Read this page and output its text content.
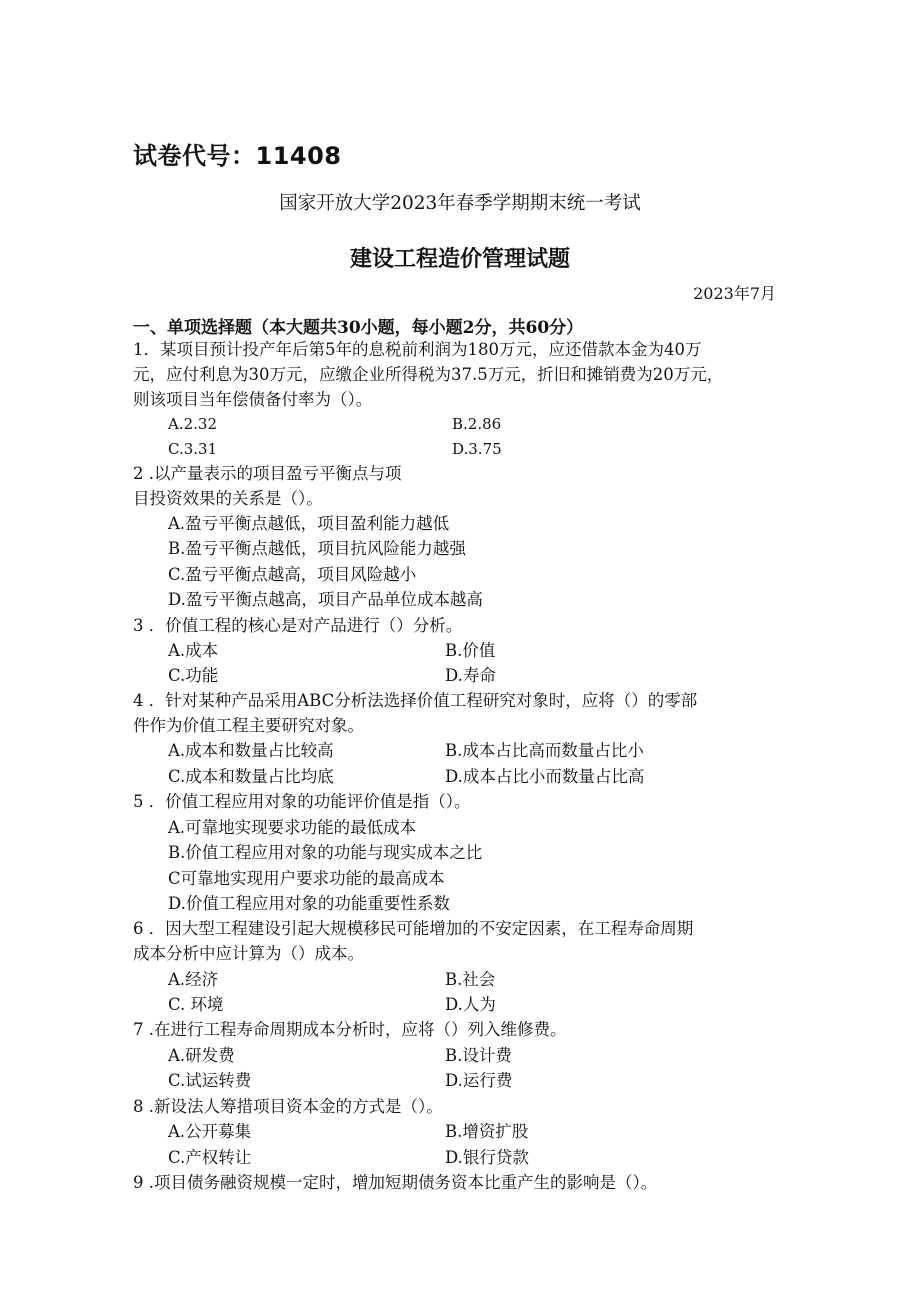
试卷代号：11408
国家开放大学2023年春季学期期末统一考试
建设工程造价管理试题
2023年7月
一、单项选择题（本大题共30小题，每小题2分，共60分）
1．某项目预计投产年后第5年的息税前利润为180万元，应还借款本金为40万
元，应付利息为30万元，应缴企业所得税为37.5万元，折旧和摊销费为20万元，
则该项目当年偿债备付率为（）。
A.2.32	B.2.86
C.3.31	D.3.75
2 .以产量表示的项目盈亏平衡点与项
目投资效果的关系是（）。
A.盈亏平衡点越低，项目盈利能力越低
B.盈亏平衡点越低，项目抗风险能力越强
C.盈亏平衡点越高，项目风险越小
D.盈亏平衡点越高，项目产品单位成本越高
3 ．价值工程的核心是对产品进行（）分析。
A.成本	B.价值
C.功能	D.寿命
4 ．针对某种产品采用ABC分析法选择价值工程研究对象时，应将（）的零部
件作为价值工程主要研究对象。
A.成本和数量占比较高	B.成本占比高而数量占比小
C.成本和数量占比均底	D.成本占比小而数量占比高
5 ．价值工程应用对象的功能评价值是指（）。
A.可靠地实现要求功能的最低成本
B.价值工程应用对象的功能与现实成本之比
C可靠地实现用户要求功能的最高成本
D.价值工程应用对象的功能重要性系数
6 ．因大型工程建设引起大规模移民可能增加的不安定因素，在工程寿命周期
成本分析中应计算为（）成本。
A.经济	B.社会
C. 环境	D.人为
7 .在进行工程寿命周期成本分析时，应将（）列入维修费。
A.研发费	B.设计费
C.试运转费	D.运行费
8 .新设法人筹措项目资本金的方式是（）。
A.公开募集	B.增资扩股
C.产权转让	D.银行贷款
9 .项目债务融资规模一定时，增加短期债务资本比重产生的影响是（）。
